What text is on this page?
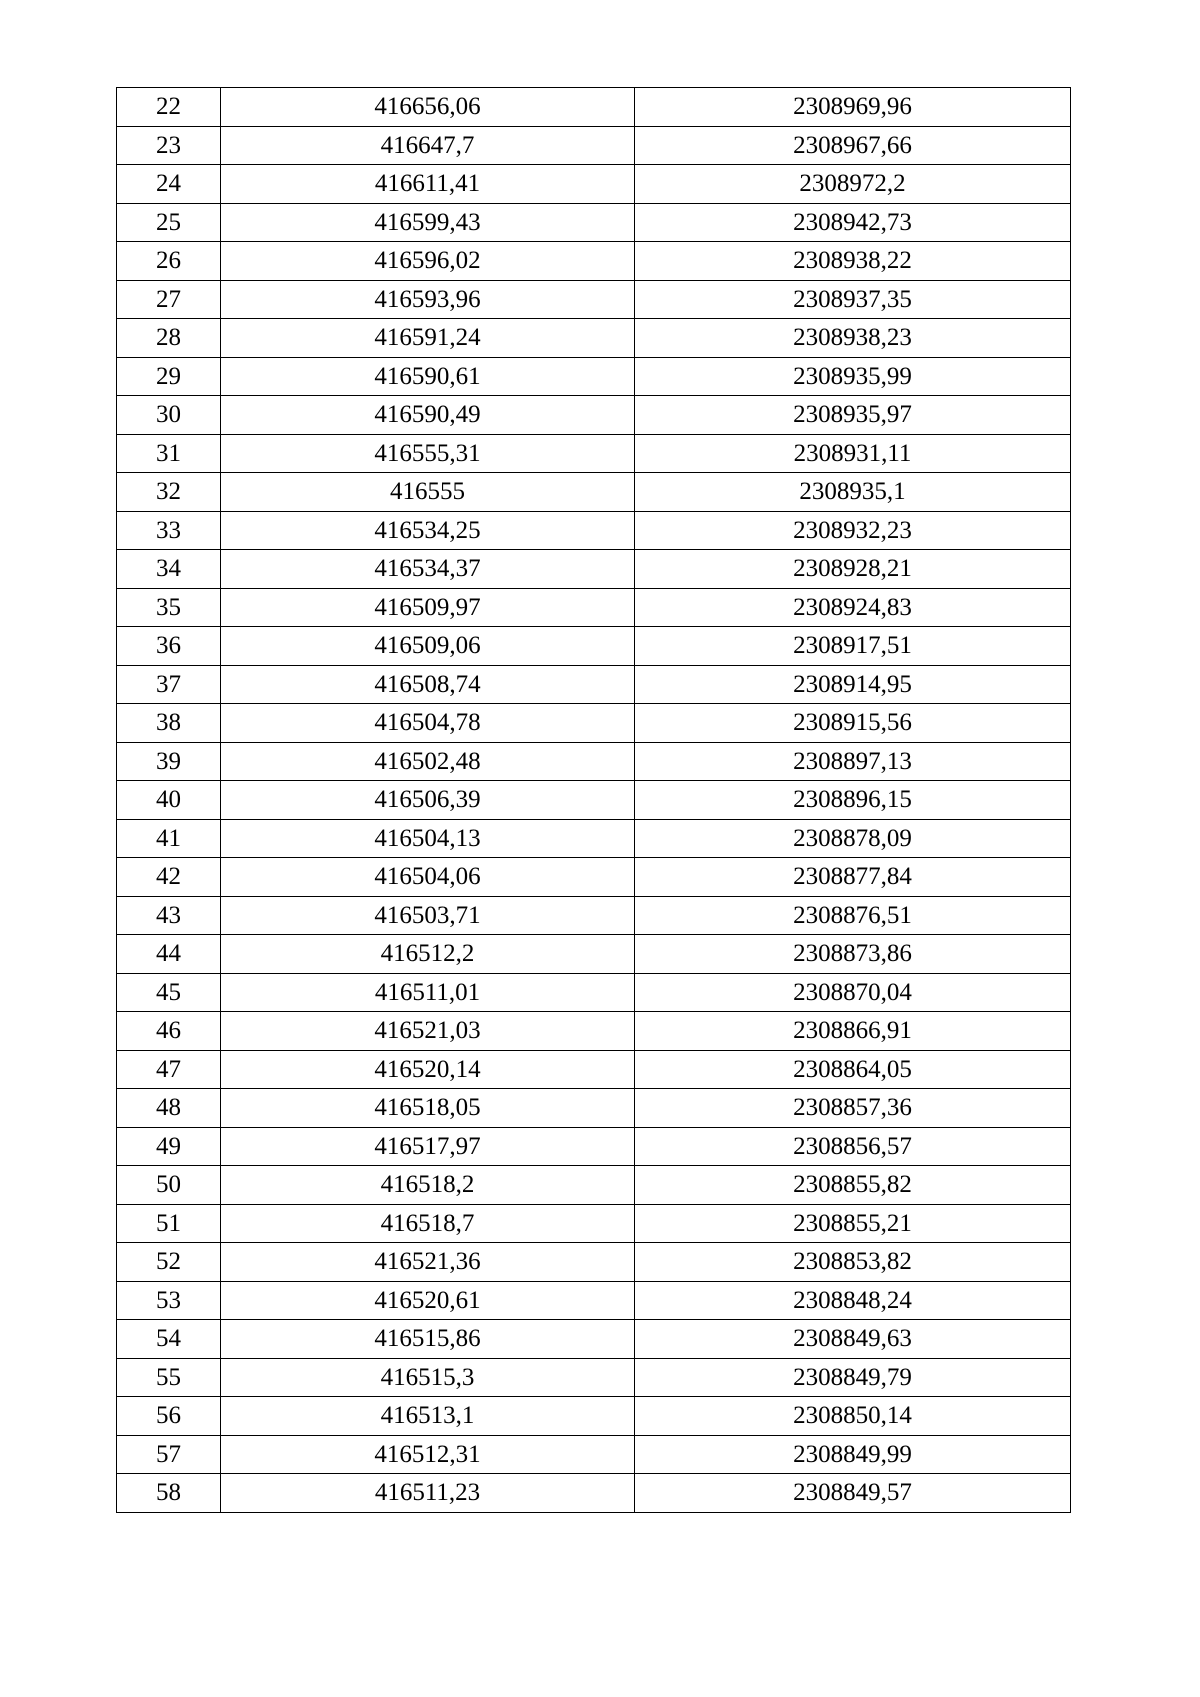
22	416656,06	2308969,96
23	416647,7	2308967,66
24	416611,41	2308972,2
25	416599,43	2308942,73
26	416596,02	2308938,22
27	416593,96	2308937,35
28	416591,24	2308938,23
29	416590,61	2308935,99
30	416590,49	2308935,97
31	416555,31	2308931,11
32	416555	2308935,1
33	416534,25	2308932,23
34	416534,37	2308928,21
35	416509,97	2308924,83
36	416509,06	2308917,51
37	416508,74	2308914,95
38	416504,78	2308915,56
39	416502,48	2308897,13
40	416506,39	2308896,15
41	416504,13	2308878,09
42	416504,06	2308877,84
43	416503,71	2308876,51
44	416512,2	2308873,86
45	416511,01	2308870,04
46	416521,03	2308866,91
47	416520,14	2308864,05
48	416518,05	2308857,36
49	416517,97	2308856,57
50	416518,2	2308855,82
51	416518,7	2308855,21
52	416521,36	2308853,82
53	416520,61	2308848,24
54	416515,86	2308849,63
55	416515,3	2308849,79
56	416513,1	2308850,14
57	416512,31	2308849,99
58	416511,23	2308849,57
